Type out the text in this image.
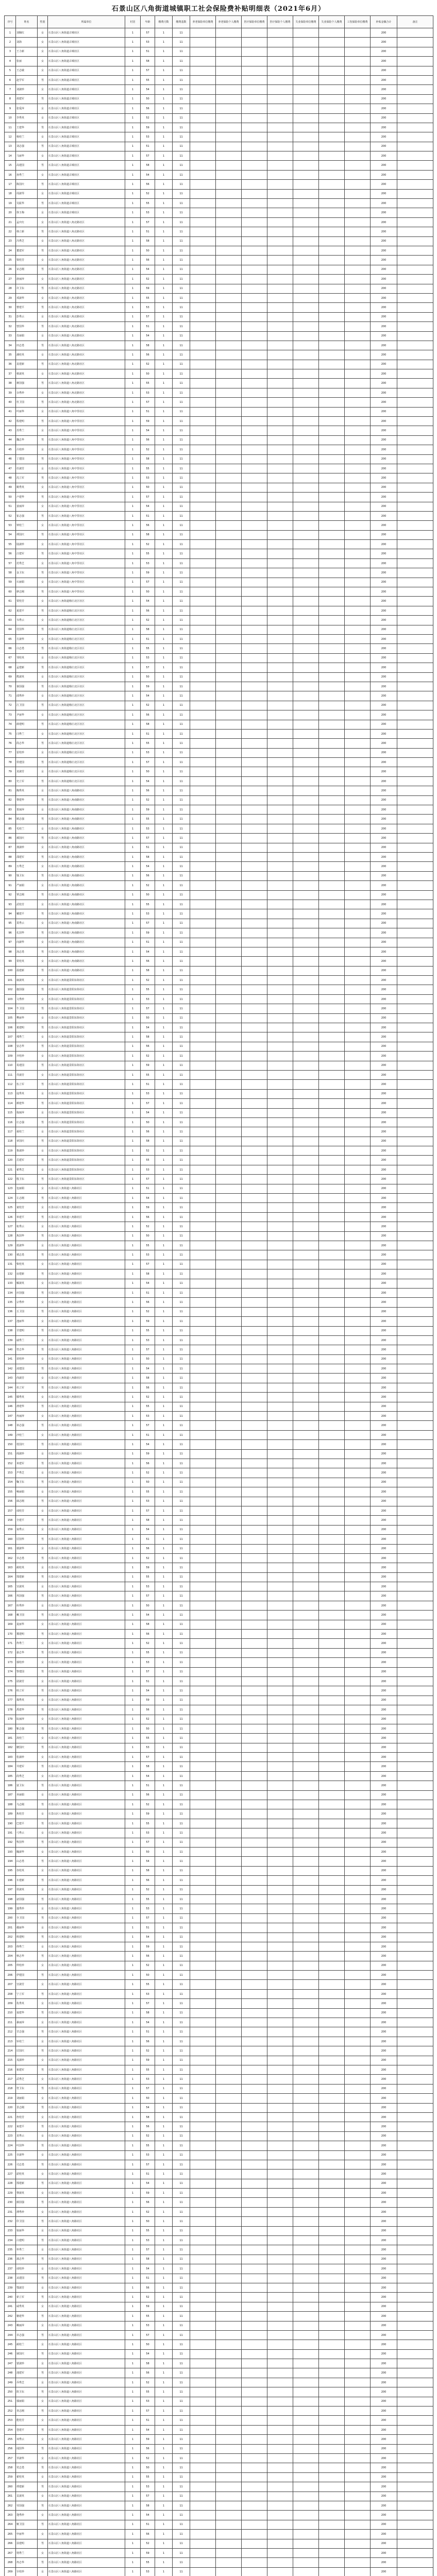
石景山区八角街道城镇职工社会保险费补贴明细表（2021年6月）
序号	姓名	性别	所属单位	村居	年龄	缴费月数	缴费基数	养老保险单位缴费	养老保险个人缴费	医疗保险单位缴费	医疗保险个人缴费	失业保险单位缴费	失业保险个人缴费	工伤保险单位缴费	补贴金额合计	备注
1	刘佩红	女	石景山区八角街道古城社区	1	57	1	11								200	
2	刘海	女	石景山区八角街道古城社区	1	53	1	11								200	
3	王力新	女	石景山区八角街道古城社区	1	51	1	11								200	
4	张丽	女	石景山区八角街道古城社区	1	58	1	11								200	
5	王志敏	女	石景山区八角街道古城社区	1	57	1	11								200	
6	赵学军	男	石景山区八角街道古城社区	1	55	1	11								200	
7	刘淑珍	女	石景山区八角街道古城社区	1	54	1	11								200	
8	胡建军	男	石景山区八角街道古城社区	1	50	1	11								200	
9	张爱萍	女	石景山区八角街道古城社区	1	56	1	11								200	
10	李秀英	女	石景山区八角街道古城社区	1	52	1	11								200	
11	王建华	男	石景山区八角街道古城社区	1	59	1	11								200	
12	杨桂兰	女	石景山区八角街道古城社区	1	53	1	11								200	
13	刘志强	男	石景山区八角街道古城社区	1	51	1	11								200	
14	马丽华	女	石景山区八角街道古城社区	1	57	1	11								200	
15	高建国	男	石景山区八角街道古城社区	1	58	1	11								200	
16	孙秀兰	女	石景山区八角街道古城社区	1	54	1	11								200	
17	陈国庆	男	石景山区八角街道古城社区	1	56	1	11								200	
18	周淑琴	女	石景山区八角街道古城社区	1	52	1	11								200	
19	吴振华	男	石景山区八角街道古城社区	1	55	1	11								200	
20	徐玉梅	女	石景山区八角街道古城社区	1	53	1	11								200	
21	孟庆红	女	石景山区八角街道八角北路社区	1	57	1	11								200	
22	韩立新	男	石景山区八角街道八角北路社区	1	51	1	11								200	
23	冯秀芝	女	石景山区八角街道八角北路社区	1	58	1	11								200	
24	董建军	男	石景山区八角街道八角北路社区	1	50	1	11								200	
25	梁桂芳	女	石景山区八角街道八角北路社区	1	56	1	11								200	
26	宋志刚	男	石景山区八角街道八角北路社区	1	54	1	11								200	
27	唐丽萍	女	石景山区八角街道八角北路社区	1	52	1	11								200	
28	许卫东	男	石景山区八角街道八角北路社区	1	59	1	11								200	
29	邓淑华	女	石景山区八角街道八角北路社区	1	55	1	11								200	
30	曹建平	男	石景山区八角街道八角北路社区	1	53	1	11								200	
31	彭秀云	女	石景山区八角街道八角北路社区	1	57	1	11								200	
32	曾国华	男	石景山区八角街道八角北路社区	1	51	1	11								200	
33	肖丽娟	女	石景山区八角街道八角北路社区	1	54	1	11								200	
34	田志勇	男	石景山区八角街道八角北路社区	1	58	1	11								200	
35	潘桂英	女	石景山区八角街道八角北路社区	1	56	1	11								200	
36	袁建新	男	石景山区八角街道八角北路社区	1	52	1	11								200	
37	蔡淑英	女	石景山区八角街道八角北路社区	1	50	1	11								200	
38	蒋国强	男	石景山区八角街道八角北路社区	1	55	1	11								200	
39	余秀珍	女	石景山区八角街道八角北路社区	1	53	1	11								200	
40	杜卫国	男	石景山区八角街道八角北路社区	1	57	1	11								200	
41	叶丽华	女	石景山区八角街道八角中里社区	1	51	1	11								200	
42	程建明	男	石景山区八角街道八角中里社区	1	59	1	11								200	
43	苏秀兰	女	石景山区八角街道八角中里社区	1	54	1	11								200	
44	魏志华	男	石景山区八角街道八角中里社区	1	56	1	11								200	
45	吕桂珍	女	石景山区八角街道八角中里社区	1	52	1	11								200	
46	丁建国	男	石景山区八角街道八角中里社区	1	58	1	11								200	
47	任淑芳	女	石景山区八角街道八角中里社区	1	55	1	11								200	
48	沈立军	男	石景山区八角街道八角中里社区	1	53	1	11								200	
49	姚秀英	女	石景山区八角街道八角中里社区	1	50	1	11								200	
50	卢建华	男	石景山区八角街道八角中里社区	1	57	1	11								200	
51	姜丽萍	女	石景山区八角街道八角中里社区	1	54	1	11								200	
52	崔志强	男	石景山区八角街道八角中里社区	1	51	1	11								200	
53	钟桂兰	女	石景山区八角街道八角中里社区	1	56	1	11								200	
54	谭国庆	男	石景山区八角街道八角中里社区	1	58	1	11								200	
55	陆淑珍	女	石景山区八角街道八角中里社区	1	52	1	11								200	
56	汪建军	男	石景山区八角街道八角中里社区	1	55	1	11								200	
57	范秀芝	女	石景山区八角街道八角中里社区	1	53	1	11								200	
58	金卫东	男	石景山区八角街道八角中里社区	1	59	1	11								200	
59	石丽娟	女	石景山区八角街道八角中里社区	1	57	1	11								200	
60	廖志刚	男	石景山区八角街道八角中里社区	1	50	1	11								200	
61	贾桂芳	女	石景山区八角街道杨庄北区社区	1	54	1	11								200	
62	夏建平	男	石景山区八角街道杨庄北区社区	1	56	1	11								200	
63	韦秀云	女	石景山区八角街道杨庄北区社区	1	52	1	11								200	
64	付国华	男	石景山区八角街道杨庄北区社区	1	58	1	11								200	
65	方淑华	女	石景山区八角街道杨庄北区社区	1	51	1	11								200	
66	白志勇	男	石景山区八角街道杨庄北区社区	1	55	1	11								200	
67	邹桂英	女	石景山区八角街道杨庄北区社区	1	53	1	11								200	
68	孟建新	男	石景山区八角街道杨庄北区社区	1	57	1	11								200	
69	熊淑英	女	石景山区八角街道杨庄北区社区	1	50	1	11								200	
70	秦国强	男	石景山区八角街道杨庄北区社区	1	59	1	11								200	
71	邱秀珍	女	石景山区八角街道杨庄北区社区	1	54	1	11								200	
72	江卫国	男	石景山区八角街道杨庄北区社区	1	52	1	11								200	
73	尹丽华	女	石景山区八角街道杨庄北区社区	1	56	1	11								200	
74	薛建明	男	石景山区八角街道杨庄北区社区	1	58	1	11								200	
75	闫秀兰	女	石景山区八角街道杨庄北区社区	1	51	1	11								200	
76	段志华	男	石景山区八角街道杨庄北区社区	1	55	1	11								200	
77	雷桂珍	女	石景山区八角街道杨庄北区社区	1	53	1	11								200	
78	侯建国	男	石景山区八角街道杨庄北区社区	1	57	1	11								200	
79	龙淑芳	女	石景山区八角街道杨庄北区社区	1	50	1	11								200	
80	史立军	男	石景山区八角街道杨庄北区社区	1	54	1	11								200	
81	陶秀英	女	石景山区八角街道八角南路社区	1	56	1	11								200	
82	黎建华	男	石景山区八角街道八角南路社区	1	52	1	11								200	
83	贺丽萍	女	石景山区八角街道八角南路社区	1	59	1	11								200	
84	顾志强	男	石景山区八角街道八角南路社区	1	55	1	11								200	
85	毛桂兰	女	石景山区八角街道八角南路社区	1	53	1	11								200	
86	郝国庆	男	石景山区八角街道八角南路社区	1	57	1	11								200	
87	龚淑珍	女	石景山区八角街道八角南路社区	1	51	1	11								200	
88	邵建军	男	石景山区八角街道八角南路社区	1	58	1	11								200	
89	万秀芝	女	石景山区八角街道八角南路社区	1	54	1	11								200	
90	钱卫东	男	石景山区八角街道八角南路社区	1	56	1	11								200	
91	严丽娟	女	石景山区八角街道八角南路社区	1	52	1	11								200	
92	覃志刚	男	石景山区八角街道八角南路社区	1	50	1	11								200	
93	武桂芳	女	石景山区八角街道八角南路社区	1	55	1	11								200	
94	戴建平	男	石景山区八角街道八角南路社区	1	53	1	11								200	
95	莫秀云	女	石景山区八角街道八角南路社区	1	57	1	11								200	
96	孔国华	男	石景山区八角街道八角南路社区	1	59	1	11								200	
97	向淑华	女	石景山区八角街道八角南路社区	1	51	1	11								200	
98	汤志勇	男	石景山区八角街道八角南路社区	1	54	1	11								200	
99	常桂英	女	石景山区八角街道八角南路社区	1	56	1	11								200	
100	温建新	男	石景山区八角街道八角南路社区	1	58	1	11								200	
101	康淑英	女	石景山区八角街道景阳东街社区	1	52	1	11								200	
102	施国强	男	石景山区八角街道景阳东街社区	1	55	1	11								200	
103	文秀珍	女	石景山区八角街道景阳东街社区	1	53	1	11								200	
104	牛卫国	男	石景山区八角街道景阳东街社区	1	57	1	11								200	
105	樊丽华	女	石景山区八角街道景阳东街社区	1	50	1	11								200	
106	葛建明	男	石景山区八角街道景阳东街社区	1	54	1	11								200	
107	邢秀兰	女	石景山区八角街道景阳东街社区	1	58	1	11								200	
108	安志华	男	石景山区八角街道景阳东街社区	1	56	1	11								200	
109	齐桂珍	女	石景山区八角街道景阳东街社区	1	52	1	11								200	
110	易建国	男	石景山区八角街道景阳东街社区	1	59	1	11								200	
111	乔淑芳	女	石景山区八角街道景阳东街社区	1	55	1	11								200	
112	伍立军	男	石景山区八角街道景阳东街社区	1	51	1	11								200	
113	庞秀英	女	石景山区八角街道景阳东街社区	1	53	1	11								200	
114	颜建华	男	石景山区八角街道景阳东街社区	1	57	1	11								200	
115	倪丽萍	女	石景山区八角街道景阳东街社区	1	54	1	11								200	
116	庄志强	男	石景山区八角街道景阳东街社区	1	50	1	11								200	
117	聂桂兰	女	石景山区八角街道景阳东街社区	1	56	1	11								200	
118	章国庆	男	石景山区八角街道景阳东街社区	1	58	1	11								200	
119	鲁淑珍	女	石景山区八角街道景阳东街社区	1	52	1	11								200	
120	岳建军	男	石景山区八角街道景阳东街社区	1	55	1	11								200	
121	翟秀芝	女	石景山区八角街道景阳东街社区	1	53	1	11								200	
122	殷卫东	男	石景山区八角街道景阳东街社区	1	57	1	11								200	
123	包丽娟	女	石景山区八角街道八角路社区	1	51	1	11								200	
124	左志刚	男	石景山区八角街道八角路社区	1	54	1	11								200	
125	童桂芳	女	石景山区八角街道八角路社区	1	59	1	11								200	
126	单建平	男	石景山区八角街道八角路社区	1	56	1	11								200	
127	杭秀云	女	石景山区八角街道八角路社区	1	52	1	11								200	
128	焦国华	男	石景山区八角街道八角路社区	1	50	1	11								200	
129	蓝淑华	女	石景山区八角街道八角路社区	1	55	1	11								200	
130	褚志勇	男	石景山区八角街道八角路社区	1	53	1	11								200	
131	柴桂英	女	石景山区八角街道八角路社区	1	57	1	11								200	
132	房建新	男	石景山区八角街道八角路社区	1	58	1	11								200	
133	解淑英	女	石景山区八角街道八角路社区	1	54	1	11								200	
134	应国强	男	石景山区八角街道八角路社区	1	51	1	11								200	
135	宗秀珍	女	石景山区八角街道八角路社区	1	56	1	11								200	
136	丘卫国	男	石景山区八角街道八角路社区	1	52	1	11								200	
137	池丽华	女	石景山区八角街道八角路社区	1	59	1	11								200	
138	甘建明	男	石景山区八角街道八角路社区	1	55	1	11								200	
139	戚秀兰	女	石景山区八角街道八角路社区	1	53	1	11								200	
140	符志华	男	石景山区八角街道八角路社区	1	57	1	11								200	
141	苗桂珍	女	石景山区八角街道八角路社区	1	50	1	11								200	
142	凌建国	男	石景山区八角街道八角路社区	1	54	1	11								200	
143	尚淑芳	女	石景山区八角街道八角路社区	1	58	1	11								200	
144	伏立军	男	石景山区八角街道八角路社区	1	56	1	11								200	
145	滕秀英	女	石景山区八角街道八角路社区	1	52	1	11								200	
146	滑建华	男	石景山区八角街道八角路社区	1	55	1	11								200	
147	冉丽萍	女	石景山区八角街道八角路社区	1	53	1	11								200	
148	祁志强	男	石景山区八角街道八角路社区	1	57	1	11								200	
149	沙桂兰	女	石景山区八角街道八角路社区	1	51	1	11								200	
150	桂国庆	男	石景山区八角街道八角路社区	1	54	1	11								200	
151	阎淑珍	女	石景山区八角街道八角路社区	1	59	1	11								200	
152	米建军	男	石景山区八角街道八角路社区	1	56	1	11								200	
153	芦秀芝	女	石景山区八角街道八角路社区	1	52	1	11								200	
154	鞠卫东	男	石景山区八角街道八角路社区	1	50	1	11								200	
155	畅丽娟	女	石景山区八角街道八角路社区	1	55	1	11								200	
156	郎志刚	男	石景山区八角街道八角路社区	1	53	1	11								200	
157	邰桂芳	女	石景山区八角街道八角路社区	1	57	1	11								200	
158	全建平	男	石景山区八角街道八角路社区	1	58	1	11								200	
159	栾秀云	女	石景山区八角街道八角路社区	1	54	1	11								200	
160	厉国华	男	石景山区八角街道八角路社区	1	51	1	11								200	
161	琚淑华	女	石景山区八角街道八角路社区	1	56	1	11								200	
162	幸志勇	男	石景山区八角街道八角路社区	1	52	1	11								200	
163	蔺桂英	女	石景山区八角街道八角路社区	1	59	1	11								200	
164	郜建新	男	石景山区八角街道八角路社区	1	55	1	11								200	
165	宫淑英	女	石景山区八角街道八角路社区	1	53	1	11								200	
166	巩国强	男	石景山区八角街道八角路社区	1	57	1	11								200	
167	库秀珍	女	石景山区八角街道八角路社区	1	50	1	11								200	
168	赖卫国	男	石景山区八角街道八角路社区	1	54	1	11								200	
169	麦丽华	女	石景山区八角街道八角路社区	1	58	1	11								200	
170	冀建明	男	石景山区八角街道八角路社区	1	56	1	11								200	
171	佟秀兰	女	石景山区八角街道八角路社区	1	52	1	11								200	
172	晏志华	男	石景山区八角街道八角路社区	1	55	1	11								200	
173	郁桂珍	女	石景山区八角街道八角路社区	1	53	1	11								200	
174	訾建国	男	石景山区八角街道八角路社区	1	57	1	11								200	
175	尉淑芳	女	石景山区八角街道八角路社区	1	51	1	11								200	
176	眭立军	男	石景山区八角街道八角路社区	1	54	1	11								200	
177	揭秀英	女	石景山区八角街道八角路社区	1	59	1	11								200	
178	禹建华	男	石景山区八角街道八角路社区	1	56	1	11								200	
179	阮丽萍	女	石景山区八角街道八角路社区	1	52	1	11								200	
180	靳志强	男	石景山区八角街道八角路社区	1	50	1	11								200	
181	汲桂兰	女	石景山区八角街道八角路社区	1	55	1	11								200	
182	糜国庆	男	石景山区八角街道八角路社区	1	53	1	11								200	
183	松淑珍	女	石景山区八角街道八角路社区	1	57	1	11								200	
184	井建军	男	石景山区八角街道八角路社区	1	58	1	11								200	
185	段秀芝	女	石景山区八角街道八角路社区	1	54	1	11								200	
186	富卫东	男	石景山区八角街道八角路社区	1	51	1	11								200	
187	巫丽娟	女	石景山区八角街道八角路社区	1	56	1	11								200	
188	乌志刚	男	石景山区八角街道八角路社区	1	52	1	11								200	
189	焦桂芳	女	石景山区八角街道八角路社区	1	59	1	11								200	
190	巴建平	男	石景山区八角街道八角路社区	1	55	1	11								200	
191	弓秀云	女	石景山区八角街道八角路社区	1	53	1	11								200	
192	牧国华	男	石景山区八角街道八角路社区	1	57	1	11								200	
193	隗淑华	女	石景山区八角街道八角路社区	1	50	1	11								200	
194	山志勇	男	石景山区八角街道八角路社区	1	54	1	11								200	
195	谷桂英	女	石景山区八角街道八角路社区	1	58	1	11								200	
196	车建新	男	石景山区八角街道八角路社区	1	56	1	11								200	
197	侯淑英	女	石景山区八角街道八角路社区	1	52	1	11								200	
198	宓国强	男	石景山区八角街道八角路社区	1	55	1	11								200	
199	蓬秀珍	女	石景山区八角街道八角路社区	1	53	1	11								200	
200	全卫国	男	石景山区八角街道八角路社区	1	57	1	11								200	
201	郗丽华	女	石景山区八角街道八角路社区	1	51	1	11								200	
202	班建明	男	石景山区八角街道八角路社区	1	54	1	11								200	
203	仰秀兰	女	石景山区八角街道八角路社区	1	59	1	11								200	
204	秋志华	男	石景山区八角街道八角路社区	1	56	1	11								200	
205	仲桂珍	女	石景山区八角街道八角路社区	1	52	1	11								200	
206	伊建国	男	石景山区八角街道八角路社区	1	50	1	11								200	
207	宫淑芳	女	石景山区八角街道八角路社区	1	55	1	11								200	
208	宁立军	男	石景山区八角街道八角路社区	1	53	1	11								200	
209	仇秀英	女	石景山区八角街道八角路社区	1	57	1	11								200	
210	栾建华	男	石景山区八角街道八角路社区	1	58	1	11								200	
211	暴丽萍	女	石景山区八角街道八角路社区	1	54	1	11								200	
212	甘志强	男	石景山区八角街道八角路社区	1	51	1	11								200	
213	钭桂兰	女	石景山区八角街道八角路社区	1	56	1	11								200	
214	厉国庆	男	石景山区八角街道八角路社区	1	52	1	11								200	
215	戎淑珍	女	石景山区八角街道八角路社区	1	59	1	11								200	
216	祖建军	男	石景山区八角街道八角路社区	1	55	1	11								200	
217	武秀芝	女	石景山区八角街道八角路社区	1	53	1	11								200	
218	符卫东	男	石景山区八角街道八角路社区	1	57	1	11								200	
219	刘丽娟	女	石景山区八角街道八角路社区	1	50	1	11								200	
220	景志刚	男	石景山区八角街道八角路社区	1	54	1	11								200	
221	詹桂芳	女	石景山区八角街道八角路社区	1	58	1	11								200	
222	束建平	男	石景山区八角街道八角路社区	1	56	1	11								200	
223	龙秀云	女	石景山区八角街道八角路社区	1	52	1	11								200	
224	叶国华	男	石景山区八角街道八角路社区	1	55	1	11								200	
225	幸淑华	女	石景山区八角街道八角路社区	1	53	1	11								200	
226	司志勇	男	石景山区八角街道八角路社区	1	57	1	11								200	
227	韶桂英	女	石景山区八角街道八角路社区	1	51	1	11								200	
228	郜建新	男	石景山区八角街道八角路社区	1	54	1	11								200	
229	黎淑英	女	石景山区八角街道八角路社区	1	59	1	11								200	
230	蓟国强	男	石景山区八角街道八角路社区	1	56	1	11								200	
231	薄秀珍	女	石景山区八角街道八角路社区	1	52	1	11								200	
232	印卫国	男	石景山区八角街道八角路社区	1	50	1	11								200	
233	宿丽华	女	石景山区八角街道八角路社区	1	55	1	11								200	
234	白建明	男	石景山区八角街道八角路社区	1	53	1	11								200	
235	怀秀兰	女	石景山区八角街道八角路社区	1	57	1	11								200	
236	蒲志华	男	石景山区八角街道八角路社区	1	58	1	11								200	
237	邰桂珍	女	石景山区八角街道八角路社区	1	54	1	11								200	
238	从建国	男	石景山区八角街道八角路社区	1	51	1	11								200	
239	鄂淑芳	女	石景山区八角街道八角路社区	1	56	1	11								200	
240	索立军	男	石景山区八角街道八角路社区	1	52	1	11								200	
241	咸秀英	女	石景山区八角街道八角路社区	1	59	1	11								200	
242	籍建华	男	石景山区八角街道八角路社区	1	55	1	11								200	
243	赖丽萍	女	石景山区八角街道八角路社区	1	53	1	11								200	
244	卓志强	男	石景山区八角街道八角路社区	1	57	1	11								200	
245	蔺桂兰	女	石景山区八角街道八角路社区	1	50	1	11								200	
246	屠国庆	男	石景山区八角街道八角路社区	1	54	1	11								200	
247	蒙淑珍	女	石景山区八角街道八角路社区	1	58	1	11								200	
248	池建军	男	石景山区八角街道八角路社区	1	56	1	11								200	
249	乔秀芝	女	石景山区八角街道八角路社区	1	52	1	11								200	
250	阴卫东	男	石景山区八角街道八角路社区	1	55	1	11								200	
251	郁丽娟	女	石景山区八角街道八角路社区	1	53	1	11								200	
252	胥志刚	男	石景山区八角街道八角路社区	1	57	1	11								200	
253	能桂芳	女	石景山区八角街道八角路社区	1	51	1	11								200	
254	苍建平	男	石景山区八角街道八角路社区	1	54	1	11								200	
255	双秀云	女	石景山区八角街道八角路社区	1	59	1	11								200	
256	闻国华	男	石景山区八角街道八角路社区	1	56	1	11								200	
257	莘淑华	女	石景山区八角街道八角路社区	1	52	1	11								200	
258	党志勇	男	石景山区八角街道八角路社区	1	50	1	11								200	
259	翟桂英	女	石景山区八角街道八角路社区	1	55	1	11								200	
260	谭建新	男	石景山区八角街道八角路社区	1	53	1	11								200	
261	贡淑英	女	石景山区八角街道八角路社区	1	57	1	11								200	
262	劳国强	男	石景山区八角街道八角路社区	1	58	1	11								200	
263	逄秀珍	女	石景山区八角街道八角路社区	1	54	1	11								200	
264	姬卫国	男	石景山区八角街道八角路社区	1	51	1	11								200	
265	申丽华	女	石景山区八角街道八角路社区	1	56	1	11								200	
266	扶建明	男	石景山区八角街道八角路社区	1	52	1	11								200	
267	堵秀兰	女	石景山区八角街道八角路社区	1	59	1	11								200	
268	冉志华	男	石景山区八角街道八角路社区	1	55	1	11								200	
269	宰桂珍	女	石景山区八角街道八角路社区	1	53	1	11								200	
